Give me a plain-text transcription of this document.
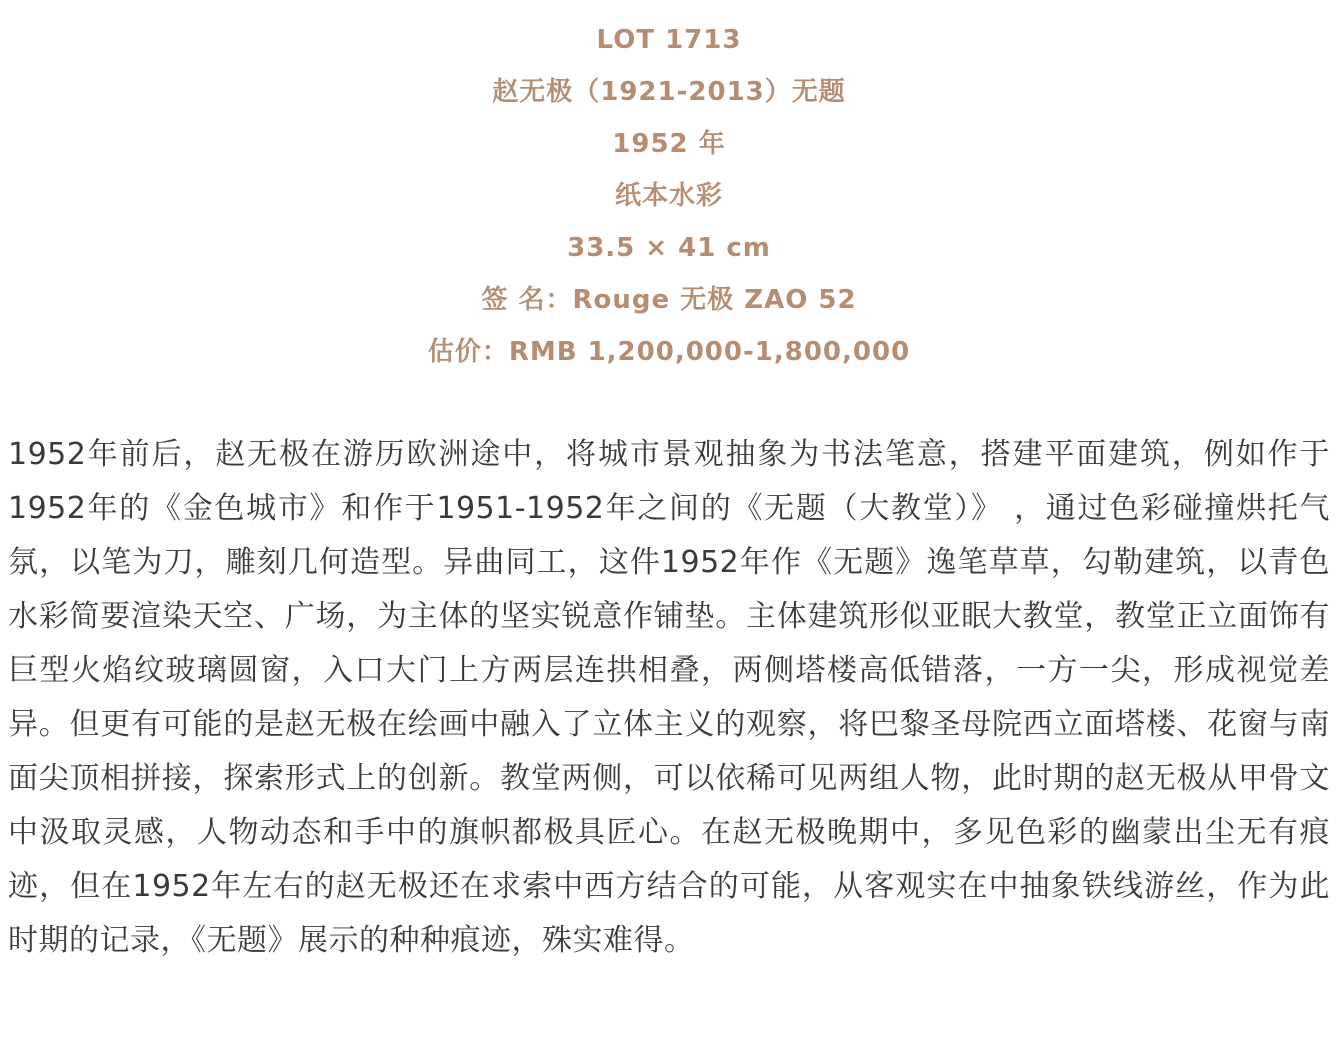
LOT 1713
赵无极（1921-2013）无题
1952 年
纸本水彩
33.5 × 41 cm
签 名：Rouge 无极 ZAO 52
估价：RMB 1,200,000-1,800,000

1952年前后，赵无极在游历欧洲途中，将城市景观抽象为书法笔意，搭建平面建筑，例如作于1952年的《金色城市》和作于1951-1952年之间的《无题（大教堂）》 ，通过色彩碰撞烘托气氛，以笔为刀，雕刻几何造型。异曲同工，这件1952年作《无题》逸笔草草，勾勒建筑，以青色水彩简要渲染天空、广场，为主体的坚实锐意作铺垫。主体建筑形似亚眠大教堂，教堂正立面饰有巨型火焰纹玻璃圆窗，入口大门上方两层连拱相叠，两侧塔楼高低错落，一方一尖，形成视觉差异。但更有可能的是赵无极在绘画中融入了立体主义的观察，将巴黎圣母院西立面塔楼、花窗与南面尖顶相拼接，探索形式上的创新。教堂两侧，可以依稀可见两组人物，此时期的赵无极从甲骨文中汲取灵感，人物动态和手中的旗帜都极具匠心。在赵无极晚期中，多见色彩的幽蒙出尘无有痕迹，但在1952年左右的赵无极还在求索中西方结合的可能，从客观实在中抽象铁线游丝，作为此时期的记录，《无题》展示的种种痕迹，殊实难得。
